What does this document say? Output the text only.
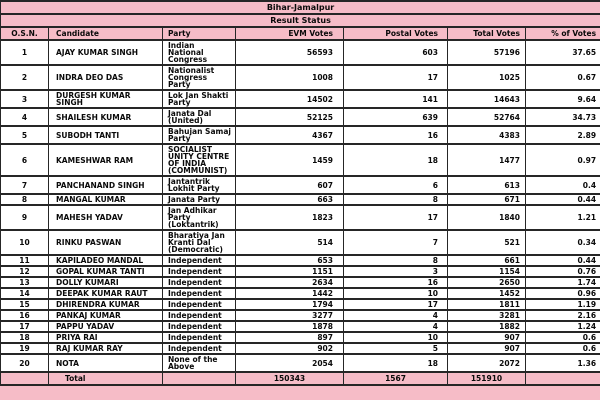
Bihar-Jamalpur						
Result Status						
O.S.N.	Candidate	Party	EVM Votes	Postal Votes	Total Votes	% of Votes
1	AJAY KUMAR SINGH	Indian National Congress	56593	603	57196	37.65
2	INDRA DEO DAS	Nationalist Congress Party	1008	17	1025	0.67
3	DURGESH KUMAR SINGH	Lok Jan Shakti Party	14502	141	14643	9.64
4	SHAILESH KUMAR	Janata Dal (United)	52125	639	52764	34.73
5	SUBODH TANTI	Bahujan Samaj Party	4367	16	4383	2.89
6	KAMESHWAR RAM	SOCIALIST UNITY CENTRE OF INDIA (COMMUNIST)	1459	18	1477	0.97
7	PANCHANAND SINGH	Jantantrik Lokhit Party	607	6	613	0.4
8	MANGAL KUMAR	Janata Party	663	8	671	0.44
9	MAHESH YADAV	Jan Adhikar Party (Loktantrik)	1823	17	1840	1.21
10	RINKU PASWAN	Bharatiya Jan Kranti Dal (Democratic)	514	7	521	0.34
11	KAPILADEO MANDAL	Independent	653	8	661	0.44
12	GOPAL KUMAR TANTI	Independent	1151	3	1154	0.76
13	DOLLY KUMARI	Independent	2634	16	2650	1.74
14	DEEPAK KUMAR RAUT	Independent	1442	10	1452	0.96
15	DHIRENDRA KUMAR	Independent	1794	17	1811	1.19
16	PANKAJ KUMAR	Independent	3277	4	3281	2.16
17	PAPPU YADAV	Independent	1878	4	1882	1.24
18	PRIYA RAI	Independent	897	10	907	0.6
19	RAJ KUMAR RAY	Independent	902	5	907	0.6
20	NOTA	None of the Above	2054	18	2072	1.36
	Total		150343	1567	151910	
